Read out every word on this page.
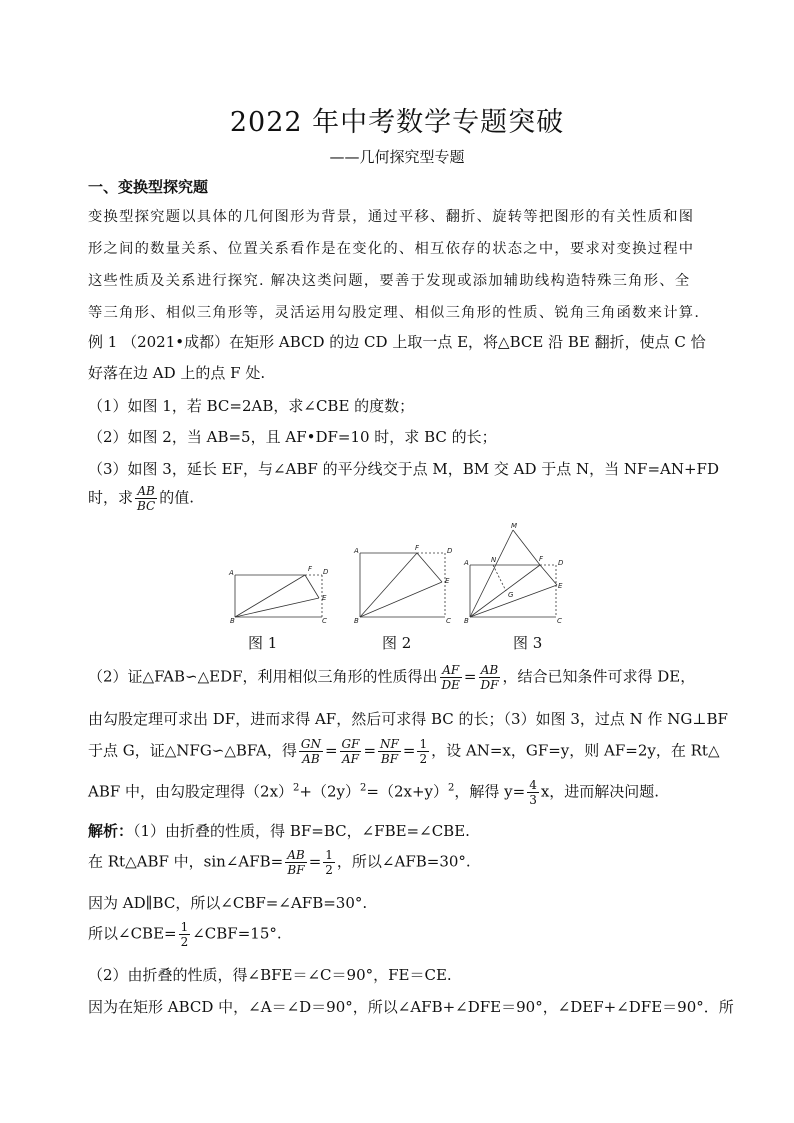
2022 年中考数学专题突破
——几何探究型专题
一、变换型探究题
变换型探究题以具体的几何图形为背景，通过平移、翻折、旋转等把图形的有关性质和图
形之间的数量关系、位置关系看作是在变化的、相互依存的状态之中，要求对变换过程中
这些性质及关系进行探究. 解决这类问题，要善于发现或添加辅助线构造特殊三角形、全
等三角形、相似三角形等，灵活运用勾股定理、相似三角形的性质、锐角三角函数来计算.
例 1 （2021•成都）在矩形 ABCD 的边 CD 上取一点 E，将△BCE 沿 BE 翻折，使点 C 恰
好落在边 AD 上的点 F 处.
（1）如图 1，若 BC=2AB，求∠CBE 的度数；
（2）如图 2，当 AB=5，且 AF•DF=10 时，求 BC 的长；
（3）如图 3，延长 EF，与∠ABF 的平分线交于点 M，BM 交 AD 于点 N，当 NF=AN+FD
时，求 $\frac{AB}{BC}$ 的值.
A	F D
E
B	C
A	F	D
E
B	C
M
A	N	F D
G
E
B	C
图 1	图 2	图 3
（2）证△FAB∽△EDF，利用相似三角形的性质得出 $\frac{AF}{DE} = \frac{AB}{DF}$ ，结合已知条件可求得 DE，
由勾股定理可求出 DF，进而求得 AF，然后可求得 BC 的长；（3）如图 3，过点 N 作 NG⊥BF
于点 G，证△NFG∽△BFA，得 $\frac{GN}{AB} = \frac{GF}{AF} = \frac{NF}{BF} = \frac{1}{2}$ ，设 AN=x，GF=y，则 AF=2y，在 Rt△
ABF 中，由勾股定理得$(2x)^2+(2y)^2=(2x+y)^2$，解得 $y= \frac{4}{3}$ x，进而解决问题.
解析：（1）由折叠的性质，得 BF=BC，∠FBE=∠CBE.
在 Rt△ABF 中，sin∠AFB= $\frac{AB}{BF} = \frac{1}{2}$ ，所以∠AFB=30°.
因为 AD∥BC，所以∠CBF=∠AFB=30°.
所以∠CBE= $\frac{1}{2}$ ∠CBF=15°.
（2）由折叠的性质，得∠BFE＝∠C＝90°，FE＝CE.
因为在矩形 ABCD 中，∠A＝∠D＝90°，所以∠AFB+∠DFE＝90°，∠DEF+∠DFE＝90°．所
